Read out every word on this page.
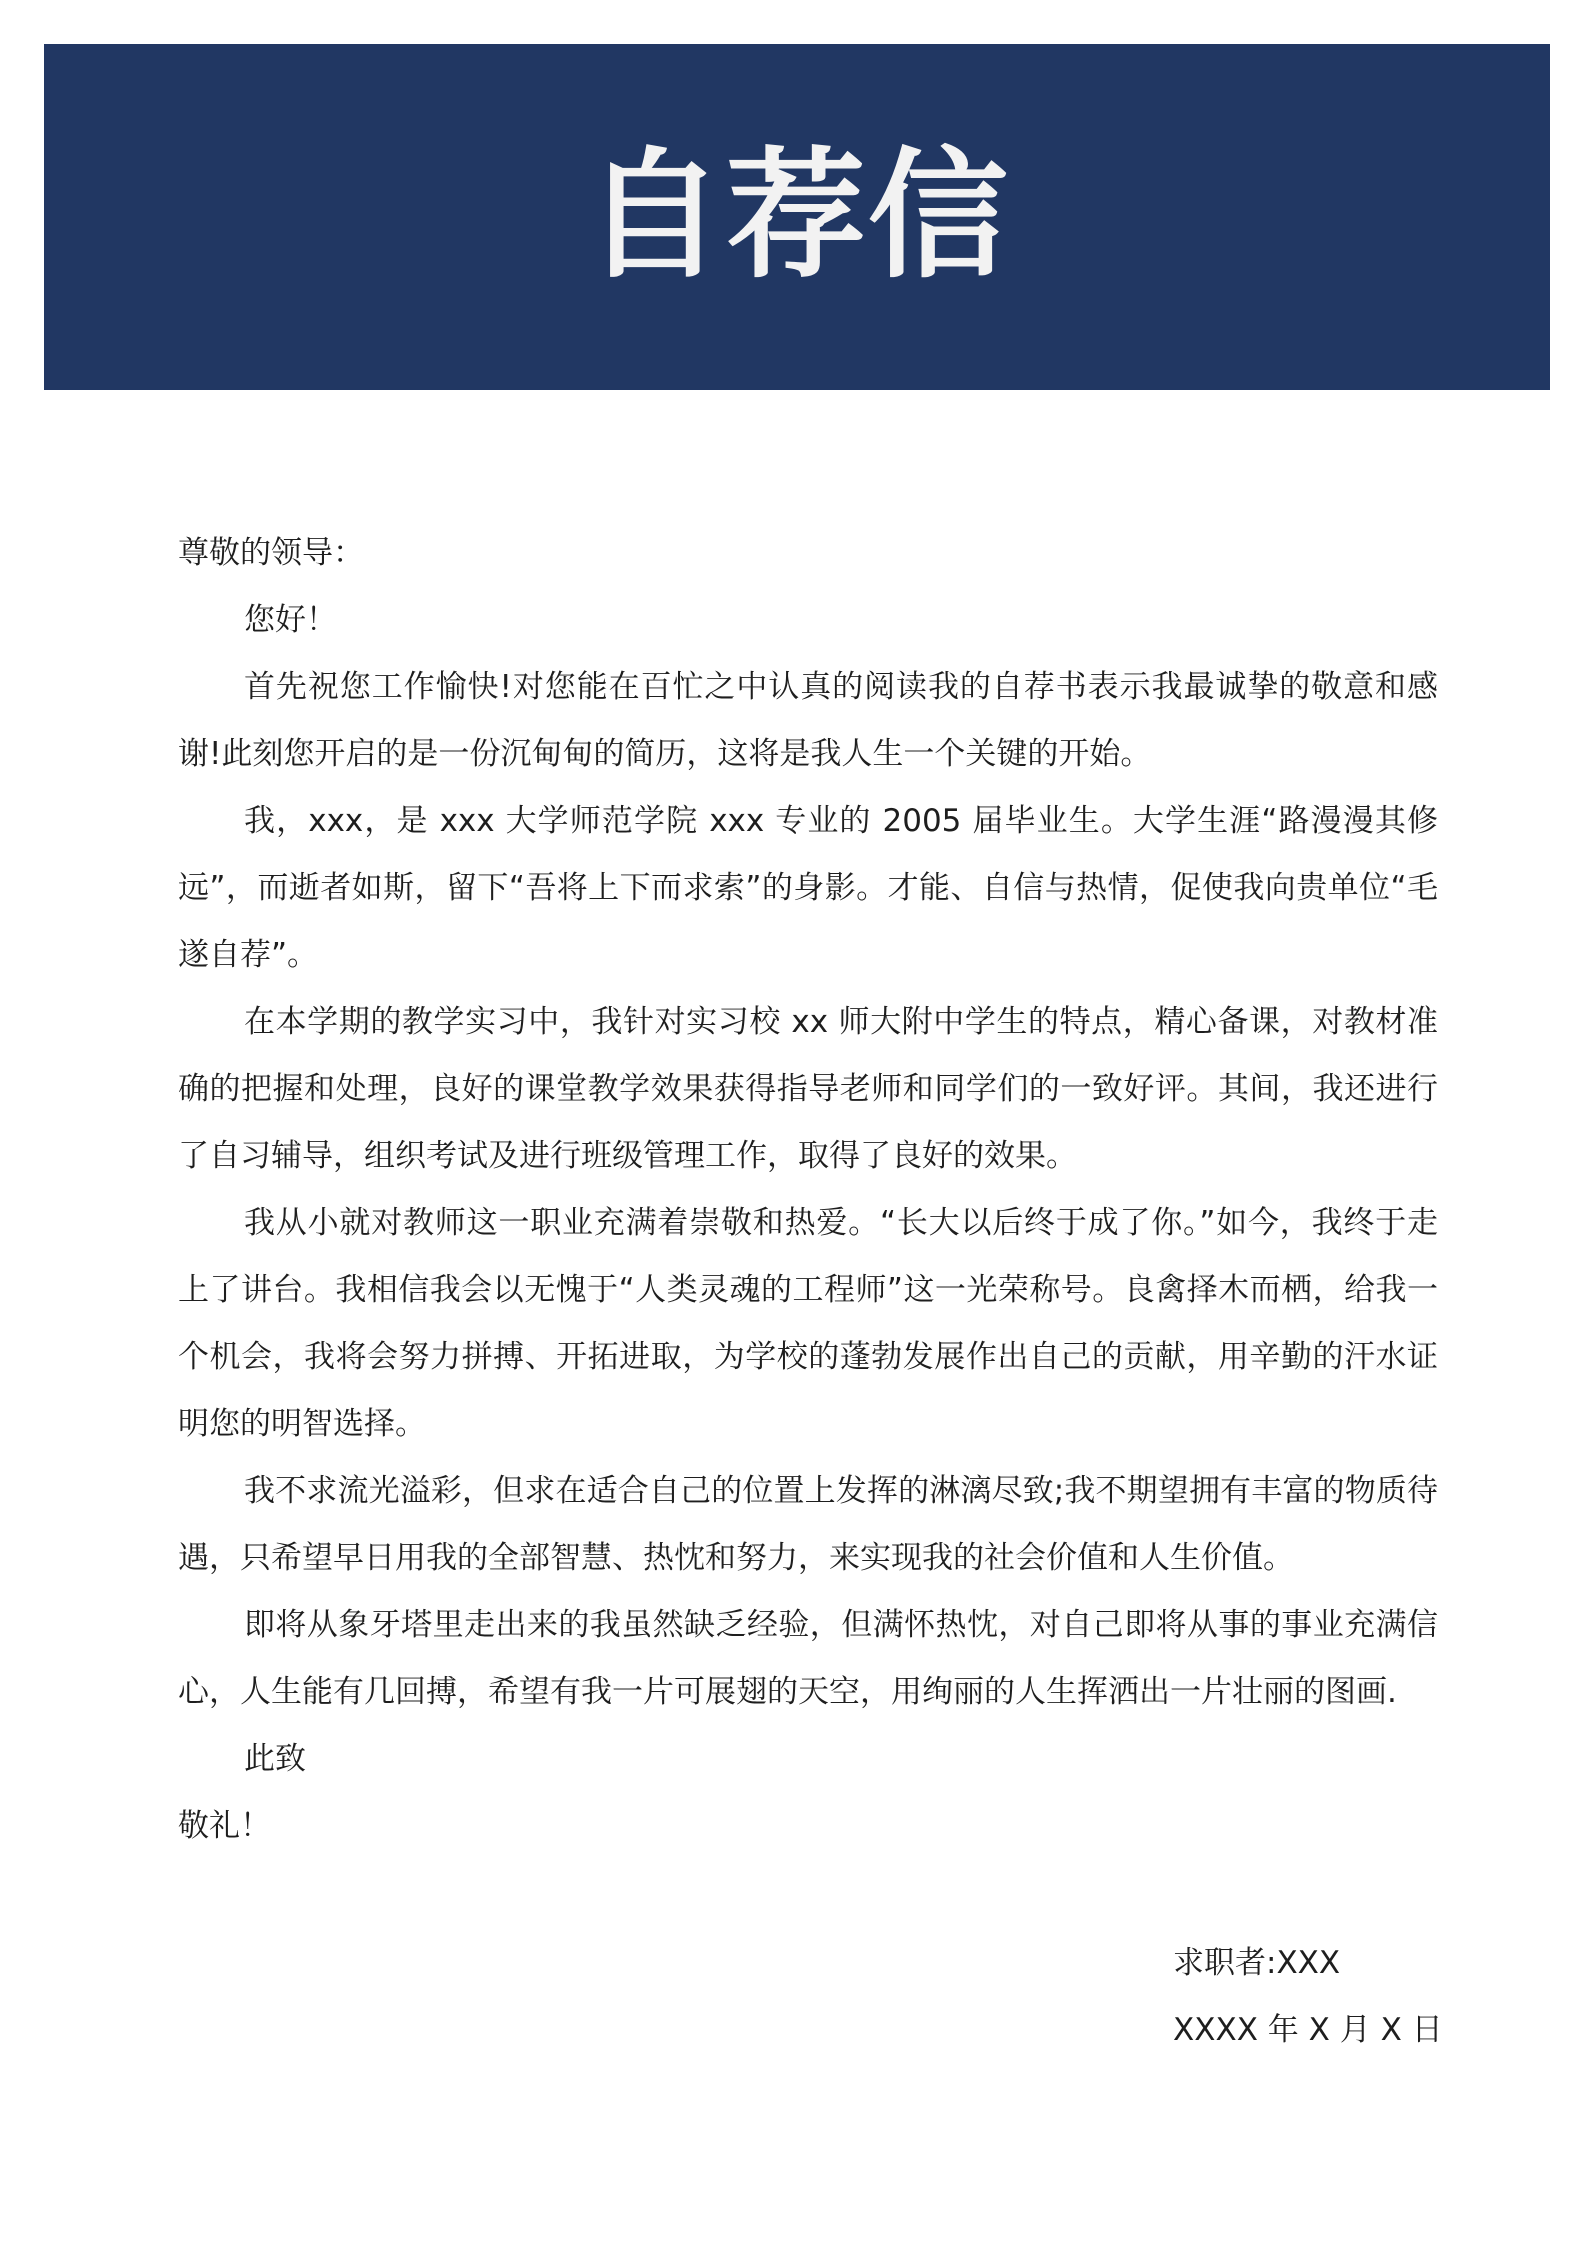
自荐信

尊敬的领导：

您好！

首先祝您工作愉快!对您能在百忙之中认真的阅读我的自荐书表示我最诚挚的敬意和感谢!此刻您开启的是一份沉甸甸的简历，这将是我人生一个关键的开始。

我，xxx，是 xxx 大学师范学院 xxx 专业的 2005 届毕业生。大学生涯“路漫漫其修远”，而逝者如斯，留下“吾将上下而求索”的身影。才能、自信与热情，促使我向贵单位“毛遂自荐”。

在本学期的教学实习中，我针对实习校 xx 师大附中学生的特点，精心备课，对教材准确的把握和处理，良好的课堂教学效果获得指导老师和同学们的一致好评。其间，我还进行了自习辅导，组织考试及进行班级管理工作，取得了良好的效果。

我从小就对教师这一职业充满着崇敬和热爱。“长大以后终于成了你。”如今，我终于走上了讲台。我相信我会以无愧于“人类灵魂的工程师”这一光荣称号。良禽择木而栖，给我一个机会，我将会努力拼搏、开拓进取，为学校的蓬勃发展作出自己的贡献，用辛勤的汗水证明您的明智选择。

我不求流光溢彩，但求在适合自己的位置上发挥的淋漓尽致;我不期望拥有丰富的物质待遇，只希望早日用我的全部智慧、热忱和努力，来实现我的社会价值和人生价值。

即将从象牙塔里走出来的我虽然缺乏经验，但满怀热忱，对自己即将从事的事业充满信心，人生能有几回搏，希望有我一片可展翅的天空，用绚丽的人生挥洒出一片壮丽的图画.

此致

敬礼！

求职者:XXX
XXXX 年 X 月 X 日
